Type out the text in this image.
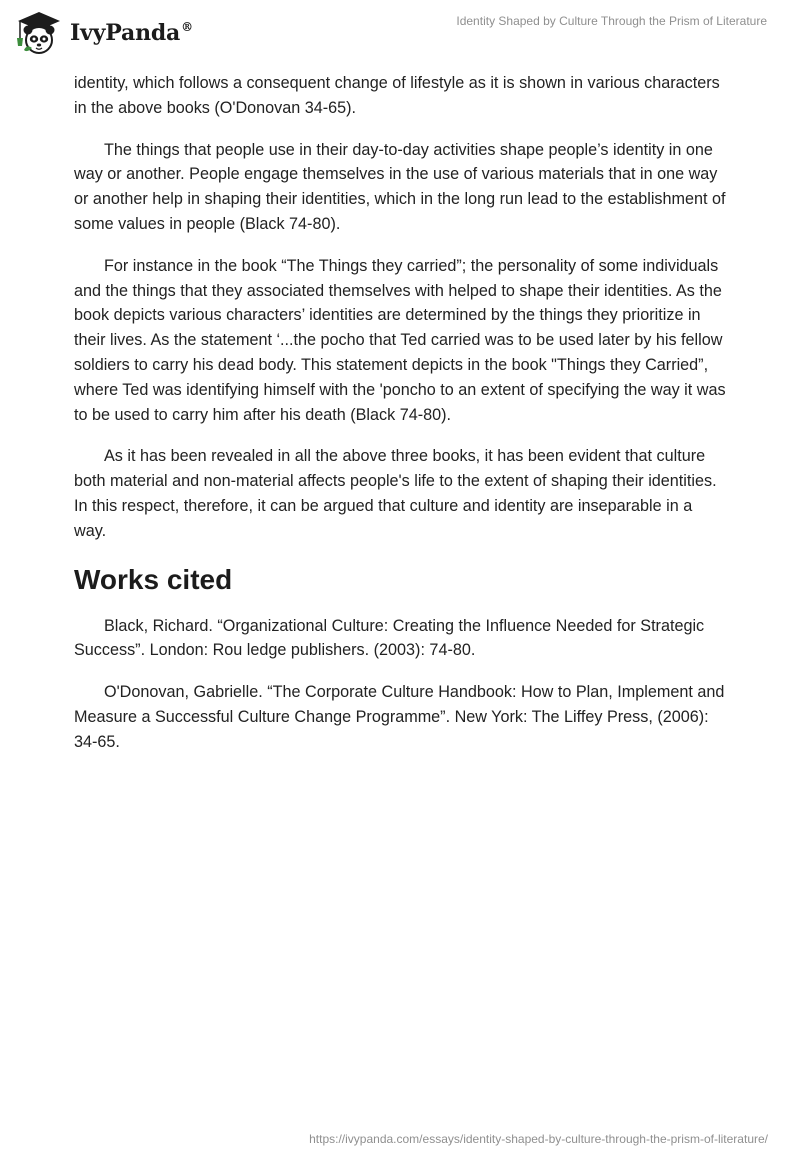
IvyPanda®	Identity Shaped by Culture Through the Prism of Literature

identity, which follows a consequent change of lifestyle as it is shown in various characters in the above books (O'Donovan 34-65).

The things that people use in their day-to-day activities shape people’s identity in one way or another. People engage themselves in the use of various materials that in one way or another help in shaping their identities, which in the long run lead to the establishment of some values in people (Black 74-80).

For instance in the book “The Things they carried”; the personality of some individuals and the things that they associated themselves with helped to shape their identities. As the book depicts various characters’ identities are determined by the things they prioritize in their lives. As the statement ‘...the pocho that Ted carried was to be used later by his fellow soldiers to carry his dead body. This statement depicts in the book "Things they Carried”, where Ted was identifying himself with the 'poncho to an extent of specifying the way it was to be used to carry him after his death (Black 74-80).

As it has been revealed in all the above three books, it has been evident that culture both material and non-material affects people's life to the extent of shaping their identities. In this respect, therefore, it can be argued that culture and identity are inseparable in a way.

Works cited

Black, Richard. “Organizational Culture: Creating the Influence Needed for Strategic Success”. London: Rou ledge publishers. (2003): 74-80.

O'Donovan, Gabrielle. “The Corporate Culture Handbook: How to Plan, Implement and Measure a Successful Culture Change Programme”. New York: The Liffey Press, (2006): 34-65.

https://ivypanda.com/essays/identity-shaped-by-culture-through-the-prism-of-literature/
